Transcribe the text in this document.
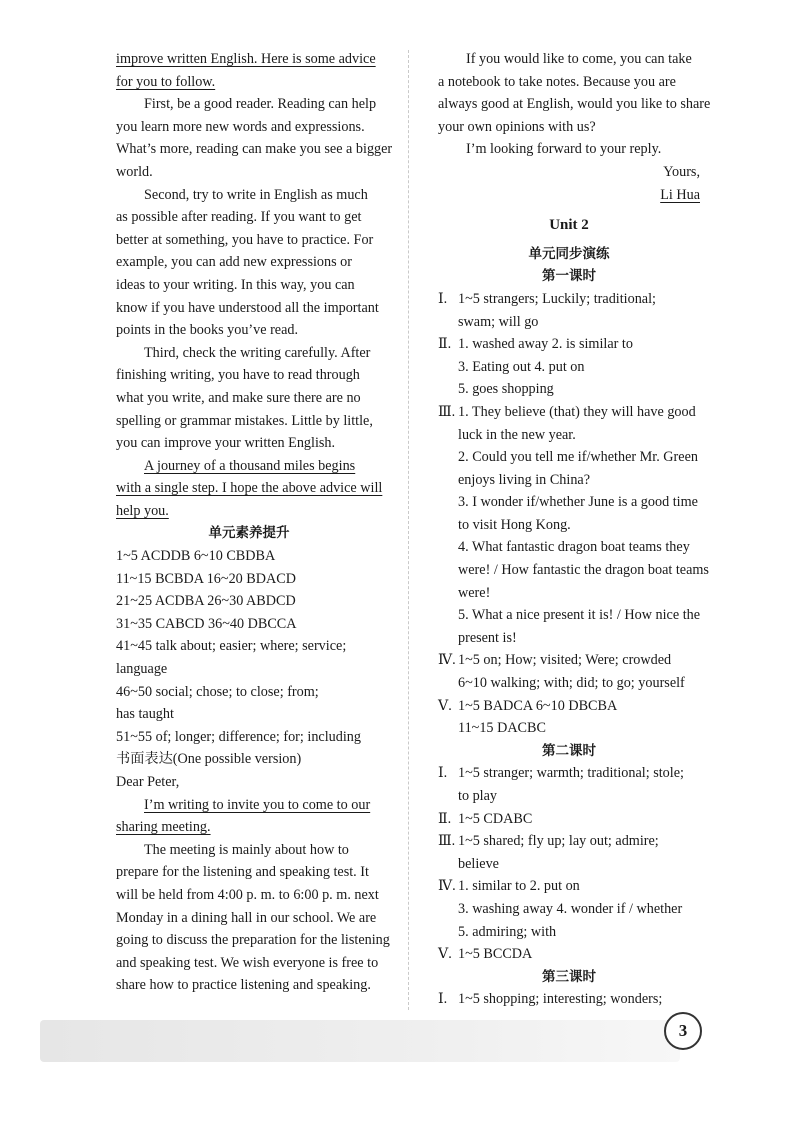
improve written English. Here is some advice
for you to follow.
First, be a good reader. Reading can help
you learn more new words and expressions.
What’s more, reading can make you see a bigger
world.
Second, try to write in English as much
as possible after reading. If you want to get
better at something, you have to practice. For
example, you can add new expressions or
ideas to your writing. In this way, you can
know if you have understood all the important
points in the books you’ve read.
Third, check the writing carefully. After
finishing writing, you have to read through
what you write, and make sure there are no
spelling or grammar mistakes. Little by little,
you can improve your written English.
A journey of a thousand miles begins
with a single step. I hope the above advice will
help you.
单元素养提升
1~5 ACDDB 6~10 CBDBA
11~15 BCBDA 16~20 BDACD
21~25 ACDBA 26~30 ABDCD
31~35 CABCD 36~40 DBCCA
41~45 talk about; easier; where; service;
language
46~50 social; chose; to close; from;
has taught
51~55 of; longer; difference; for; including
书面表达(One possible version)
Dear Peter,
I’m writing to invite you to come to our
sharing meeting.
The meeting is mainly about how to
prepare for the listening and speaking test. It
will be held from 4:00 p. m. to 6:00 p. m. next
Monday in a dining hall in our school. We are
going to discuss the preparation for the listening
and speaking test. We wish everyone is free to
share how to practice listening and speaking.
If you would like to come, you can take
a notebook to take notes. Because you are
always good at English, would you like to share
your own opinions with us?
I’m looking forward to your reply.
Yours,
Li Hua
Unit 2
单元同步演练
第一课时
Ⅰ. 1~5 strangers; Luckily; traditional;
swam; will go
Ⅱ. 1. washed away 2. is similar to
3. Eating out 4. put on
5. goes shopping
Ⅲ. 1. They believe (that) they will have good
luck in the new year.
2. Could you tell me if/whether Mr. Green
enjoys living in China?
3. I wonder if/whether June is a good time
to visit Hong Kong.
4. What fantastic dragon boat teams they
were! / How fantastic the dragon boat teams
were!
5. What a nice present it is! / How nice the
present is!
Ⅳ. 1~5 on; How; visited; Were; crowded
6~10 walking; with; did; to go; yourself
Ⅴ. 1~5 BADCA 6~10 DBCBA
11~15 DACBC
第二课时
Ⅰ. 1~5 stranger; warmth; traditional; stole;
to play
Ⅱ. 1~5 CDABC
Ⅲ. 1~5 shared; fly up; lay out; admire;
believe
Ⅳ. 1. similar to 2. put on
3. washing away 4. wonder if / whether
5. admiring; with
Ⅴ. 1~5 BCCDA
第三课时
Ⅰ. 1~5 shopping; interesting; wonders;
3
